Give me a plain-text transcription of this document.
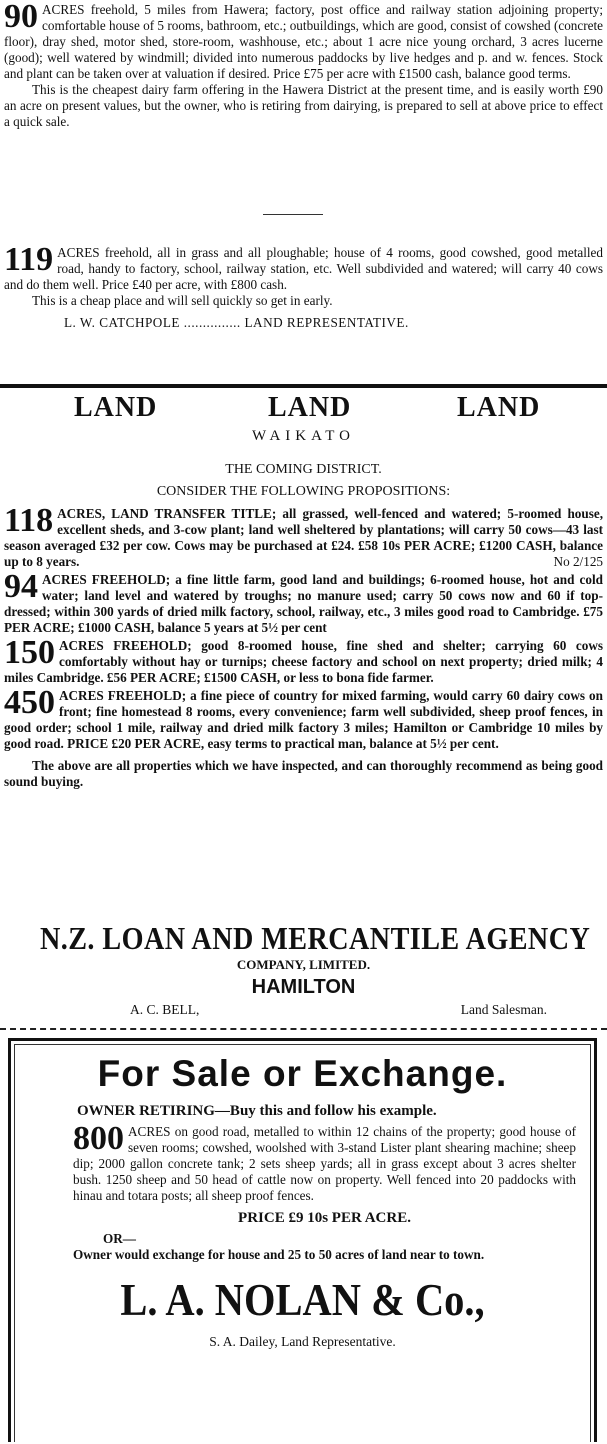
90 ACRES freehold, 5 miles from Hawera; factory, post office and railway station adjoining property; comfortable house of 5 rooms, bathroom, etc.; outbuildings, which are good, consist of cowshed (concrete floor), dray shed, motor shed, store-room, washhouse, etc.; about 1 acre nice young orchard, 3 acres lucerne (good); well watered by windmill; divided into numerous paddocks by live hedges and p. and w. fences. Stock and plant can be taken over at valuation if desired. Price £75 per acre with £1500 cash, balance good terms.

This is the cheapest dairy farm offering in the Hawera District at the present time, and is easily worth £90 an acre on present values, but the owner, who is retiring from dairying, is prepared to sell at above price to effect a quick sale.

119 ACRES freehold, all in grass and all ploughable; house of 4 rooms, good cowshed, good metalled road, handy to factory, school, railway station, etc. Well subdivided and watered; will carry 40 cows and do them well. Price £40 per acre, with £800 cash.

This is a cheap place and will sell quickly so get in early.

L. W. CATCHPOLE ............... LAND REPRESENTATIVE.
LAND	LAND	LAND
WAIKATO
THE COMING DISTRICT.
CONSIDER THE FOLLOWING PROPOSITIONS:

118 ACRES, LAND TRANSFER TITLE; all grassed, well-fenced and watered; 5-roomed house, excellent sheds, and 3-cow plant; land well sheltered by plantations; will carry 50 cows—43 last season averaged £32 per cow. Cows may be purchased at £24. £58 10s PER ACRE; £1200 CASH, balance up to 8 years.	No 2/125

94 ACRES FREEHOLD; a fine little farm, good land and buildings; 6-roomed house, hot and cold water; land level and watered by troughs; no manure used; carry 50 cows now and 60 if top-dressed; within 300 yards of dried milk factory, school, railway, etc., 3 miles good road to Cambridge. £75 PER ACRE; £1000 CASH, balance 5 years at 5½ per cent

150 ACRES FREEHOLD; good 8-roomed house, fine shed and shelter; carrying 60 cows comfortably without hay or turnips; cheese factory and school on next property; dried milk; 4 miles Cambridge. £56 PER ACRE; £1500 CASH, or less to bona fide farmer.

450 ACRES FREEHOLD; a fine piece of country for mixed farming, would carry 60 dairy cows on front; fine homestead 8 rooms, every convenience; farm well subdivided, sheep proof fences, in good order; school 1 mile, railway and dried milk factory 3 miles; Hamilton or Cambridge 10 miles by good road. PRICE £20 PER ACRE, easy terms to practical man, balance at 5½ per cent.

The above are all properties which we have inspected, and can thoroughly recommend as being good sound buying.

N.Z. LOAN AND MERCANTILE AGENCY
COMPANY, LIMITED.
HAMILTON
A. C. BELL,	Land Salesman.
For Sale or Exchange.
OWNER RETIRING—Buy this and follow his example.

800 ACRES on good road, metalled to within 12 chains of the property; good house of seven rooms; cowshed, woolshed with 3-stand Lister plant shearing machine; sheep dip; 2000 gallon concrete tank; 2 sets sheep yards; all in grass except about 3 acres shelter bush. 1250 sheep and 50 head of cattle now on property. Well fenced into 20 paddocks with hinau and totara posts; all sheep proof fences.

PRICE £9 10s PER ACRE.
OR—
Owner would exchange for house and 25 to 50 acres of land near to town.
L. A. NOLAN & Co.,
S. A. Dailey, Land Representative.
